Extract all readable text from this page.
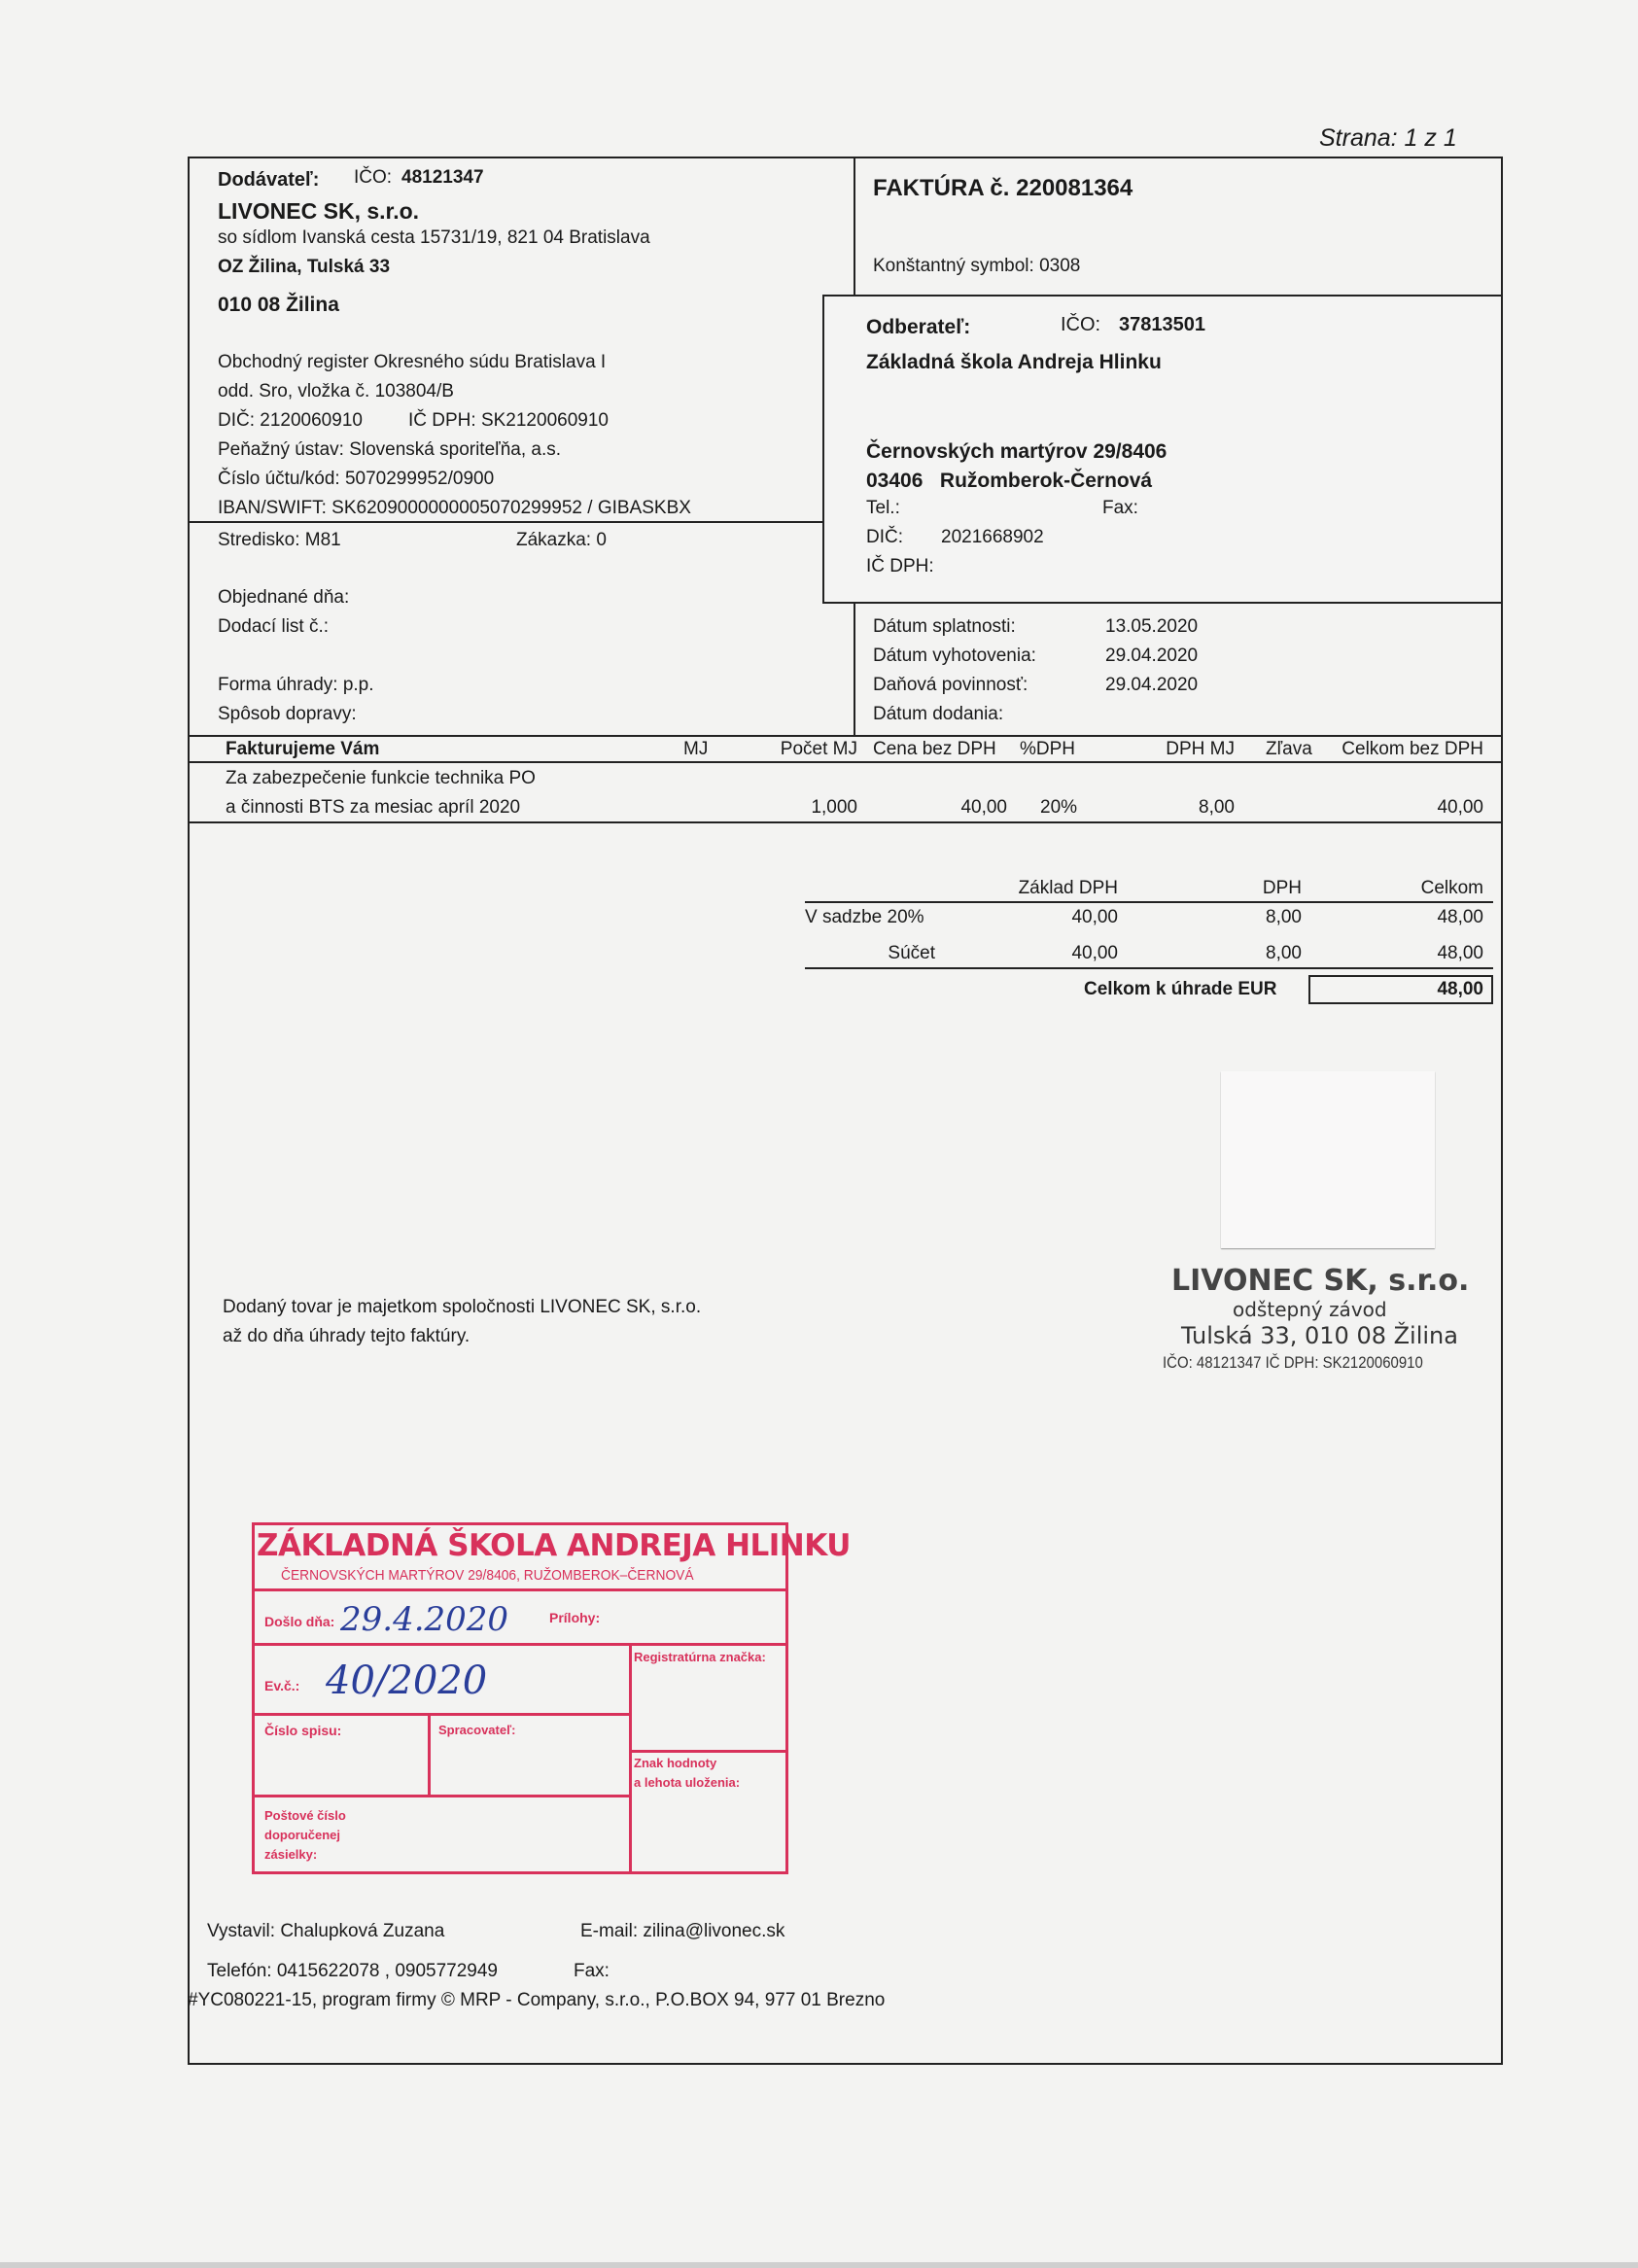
Strana: 1 z 1
Dodávateľ: IČO: 48121347
LIVONEC SK, s.r.o.
so sídlom Ivanská cesta 15731/19, 821 04 Bratislava
OZ Žilina, Tulská 33
010 08 Žilina
Obchodný register Okresného súdu Bratislava I
odd. Sro, vložka č. 103804/B
DIČ: 2120060910 IČ DPH: SK2120060910
Peňažný ústav: Slovenská sporiteľňa, a.s.
Číslo účtu/kód: 5070299952/0900
IBAN/SWIFT: SK6209000000005070299952 / GIBASKBX
FAKTÚRA č. 220081364
Konštantný symbol: 0308
Odberateľ:	IČO: 37813501
Základná škola Andreja Hlinku
Černovských martýrov 29/8406
03406   Ružomberok-Černová
Tel.:	Fax:
DIČ: 2021668902
IČ DPH:
Stredisko: M81	Zákazka: 0
Objednané dňa:
Dodací list č.:
Forma úhrady: p.p.
Spôsob dopravy:
Dátum splatnosti:	13.05.2020
Dátum vyhotovenia:	29.04.2020
Daňová povinnosť:	29.04.2020
Dátum dodania:
Fakturujeme Vám	MJ	Počet MJ Cena bez DPH %DPH	DPH MJ Zľava	Celkom bez DPH
Za zabezpečenie funkcie technika PO
a činnosti BTS za mesiac apríl 2020	1,000	40,00 20%	8,00	40,00
Základ DPH	DPH	Celkom
V sadzbe 20%	40,00	8,00	48,00
Súčet	40,00	8,00	48,00
Celkom k úhrade EUR	48,00
LIVONEC SK, s.r.o.
odštepný závod
Tulská 33, 010 08 Žilina
IČO: 48121347 IČ DPH: SK2120060910
Dodaný tovar je majetkom spoločnosti LIVONEC SK, s.r.o.
až do dňa úhrady tejto faktúry.
ZÁKLADNÁ ŠKOLA ANDREJA HLINKU
ČERNOVSKÝCH MARTÝROV 29/8406, RUŽOMBEROK–ČERNOVÁ
Došlo dňa: 29.4.2020	Prílohy:
Registratúrna značka:
Ev.č.: 40/2020
Číslo spisu:	Spracovateľ:
Znak hodnoty
a lehota uloženia:
Poštové číslo
doporučenej
zásielky:
Vystavil: Chalupková Zuzana	E-mail: zilina@livonec.sk
Telefón: 0415622078 , 0905772949	Fax:
#YC080221-15, program firmy © MRP - Company, s.r.o., P.O.BOX 94, 977 01 Brezno
